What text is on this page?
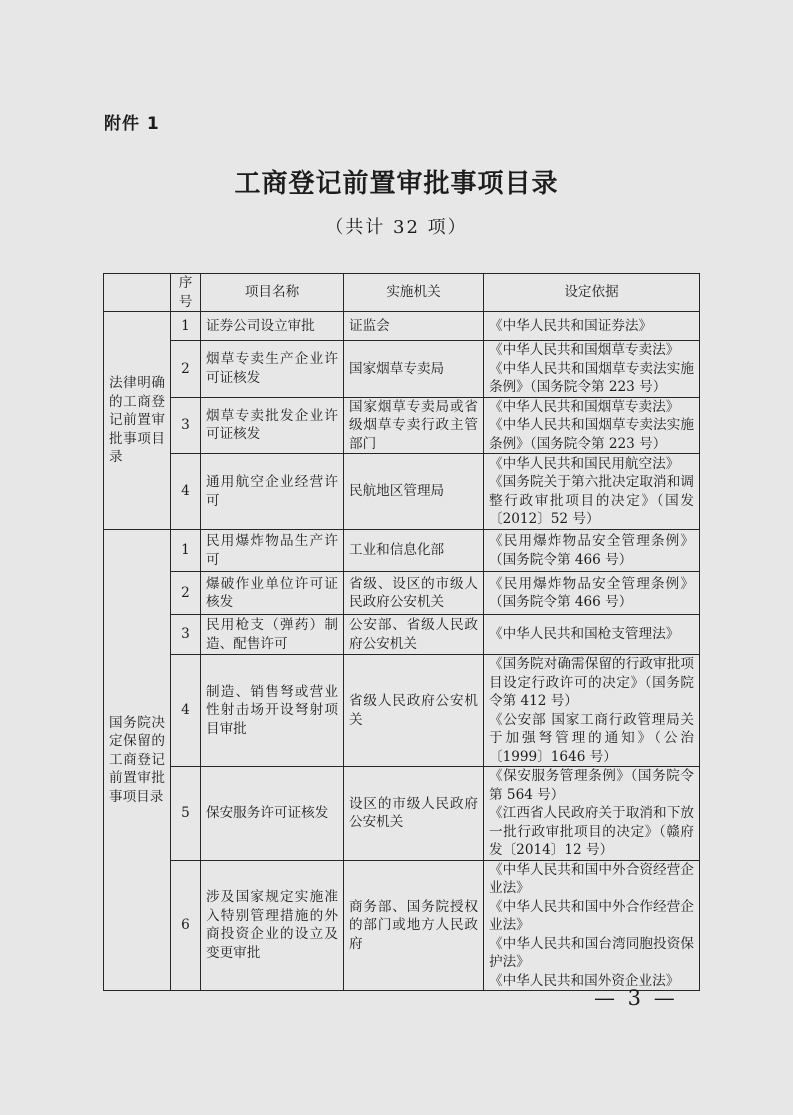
附件 1
工商登记前置审批事项目录
（共计 32 项）
	序号	项目名称	实施机关	设定依据
法律明确的工商登记前置审批事项目录	1	证券公司设立审批	证监会	《中华人民共和国证券法》

	2	烟草专卖生产企业许可证核发	国家烟草专卖局	《中华人民共和国烟草专卖法》
《中华人民共和国烟草专卖法实施条例》（国务院令第 223 号）

	3	烟草专卖批发企业许可证核发	国家烟草专卖局或省级烟草专卖行政主管部门	《中华人民共和国烟草专卖法》
《中华人民共和国烟草专卖法实施条例》（国务院令第 223 号）

	4	通用航空企业经营许可	民航地区管理局	《中华人民共和国民用航空法》
《国务院关于第六批决定取消和调整行政审批项目的决定》（国发〔2012〕52 号）

国务院决定保留的工商登记前置审批事项目录	1	民用爆炸物品生产许可	工业和信息化部	《民用爆炸物品安全管理条例》（国务院令第 466 号）

	2	爆破作业单位许可证核发	省级、设区的市级人民政府公安机关	《民用爆炸物品安全管理条例》（国务院令第 466 号）

	3	民用枪支（弹药）制造、配售许可	公安部、省级人民政府公安机关	《中华人民共和国枪支管理法》

	4	制造、销售弩或营业性射击场开设弩射项目审批	省级人民政府公安机关	《国务院对确需保留的行政审批项目设定行政许可的决定》（国务院令第 412 号）
《公安部 国家工商行政管理局关于加强弩管理的通知》（公治〔1999〕1646 号）

	5	保安服务许可证核发	设区的市级人民政府公安机关	《保安服务管理条例》（国务院令第 564 号）
《江西省人民政府关于取消和下放一批行政审批项目的决定》（赣府发〔2014〕12 号）

	6	涉及国家规定实施准入特别管理措施的外商投资企业的设立及变更审批	商务部、国务院授权的部门或地方人民政府	《中华人民共和国中外合资经营企业法》
《中华人民共和国中外合作经营企业法》
《中华人民共和国台湾同胞投资保护法》
《中华人民共和国外资企业法》
— 3 —
